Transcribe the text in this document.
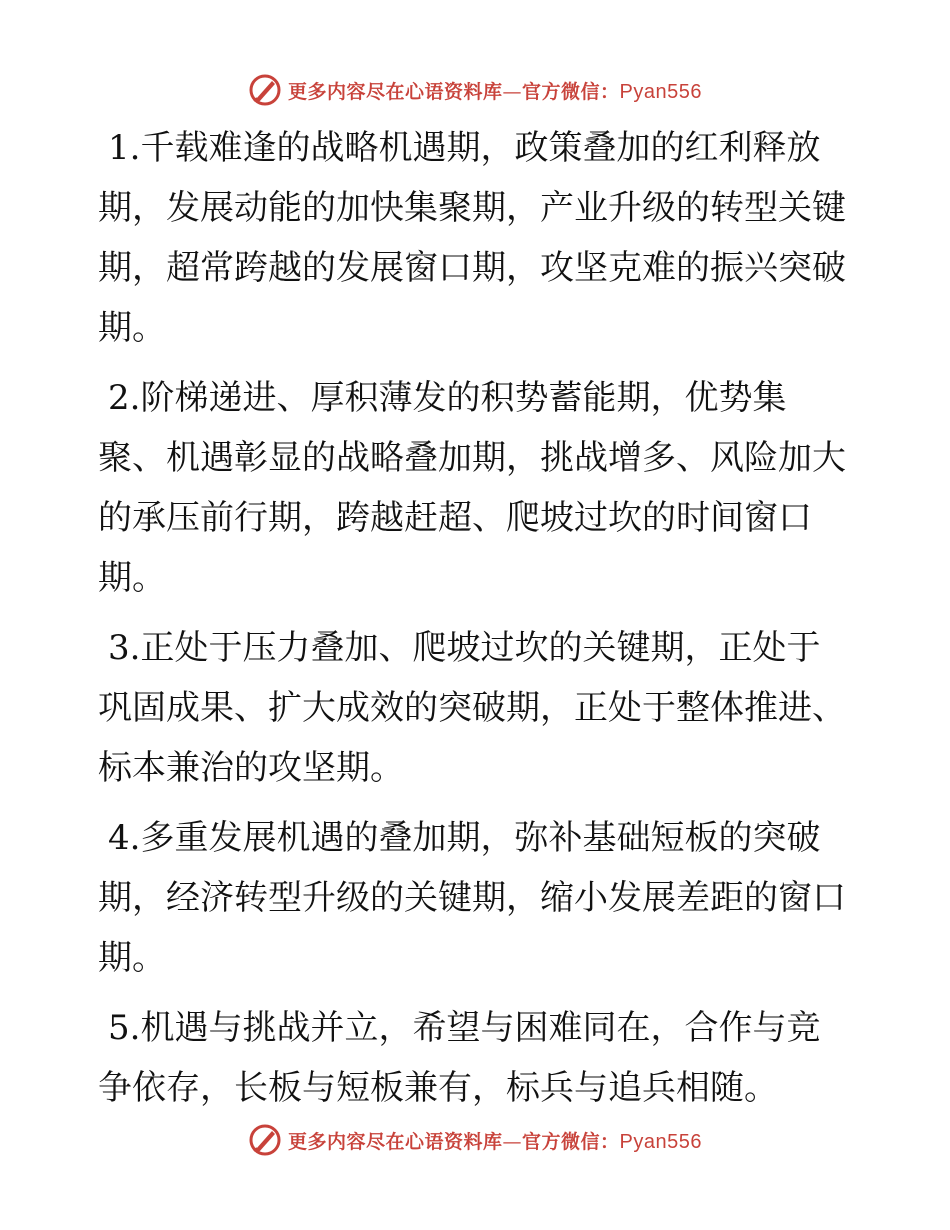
更多内容尽在心语资料库—官方微信：Pyan556

1.千载难逢的战略机遇期，政策叠加的红利释放期，发展动能的加快集聚期，产业升级的转型关键期，超常跨越的发展窗口期，攻坚克难的振兴突破期。

2.阶梯递进、厚积薄发的积势蓄能期，优势集聚、机遇彰显的战略叠加期，挑战增多、风险加大的承压前行期，跨越赶超、爬坡过坎的时间窗口期。

3.正处于压力叠加、爬坡过坎的关键期，正处于巩固成果、扩大成效的突破期，正处于整体推进、标本兼治的攻坚期。

4.多重发展机遇的叠加期，弥补基础短板的突破期，经济转型升级的关键期，缩小发展差距的窗口期。

5.机遇与挑战并立，希望与困难同在，合作与竞争依存，长板与短板兼有，标兵与追兵相随。

更多内容尽在心语资料库—官方微信：Pyan556
